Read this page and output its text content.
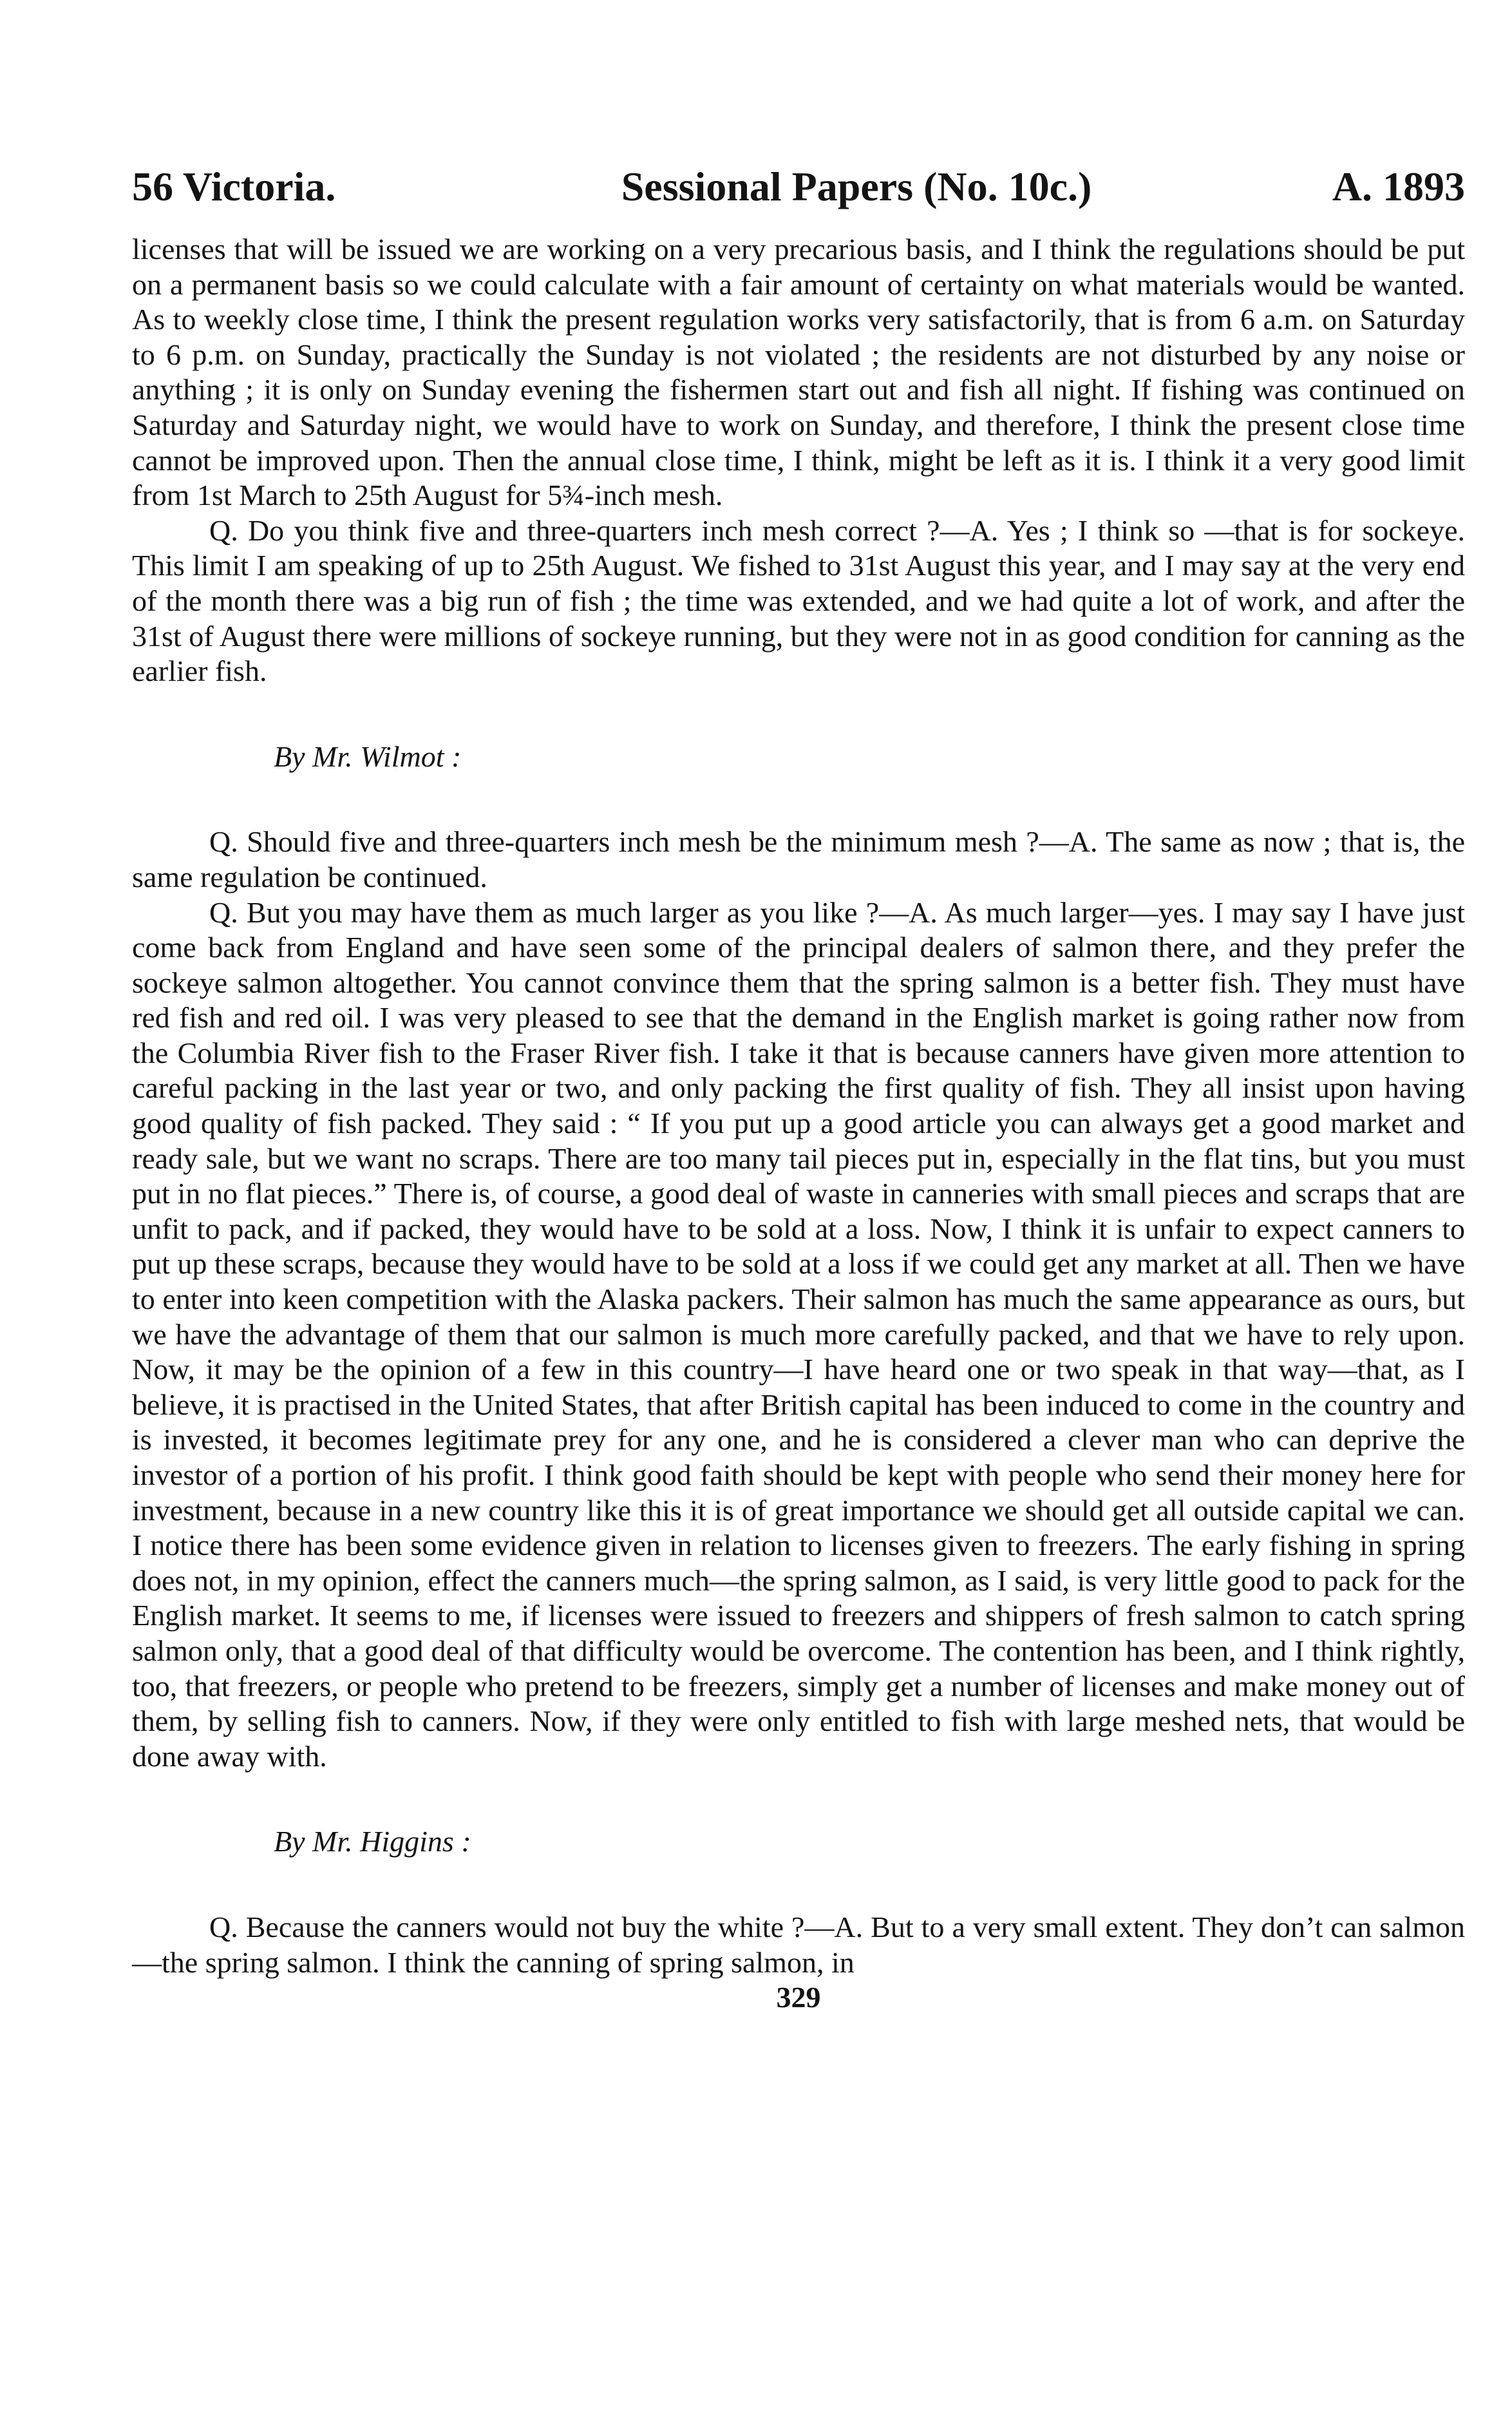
56 Victoria.	Sessional Papers (No. 10c.)	A. 1893

licenses that will be issued we are working on a very precarious basis, and I think the regulations should be put on a permanent basis so we could calculate with a fair amount of certainty on what materials would be wanted. As to weekly close time, I think the present regulation works very satisfactorily, that is from 6 a.m. on Saturday to 6 p.m. on Sunday, practically the Sunday is not violated ; the residents are not disturbed by any noise or anything ; it is only on Sunday evening the fishermen start out and fish all night. If fishing was continued on Saturday and Saturday night, we would have to work on Sunday, and therefore, I think the present close time cannot be improved upon. Then the annual close time, I think, might be left as it is. I think it a very good limit from 1st March to 25th August for 5¾-inch mesh.

Q. Do you think five and three-quarters inch mesh correct ?—A. Yes ; I think so —that is for sockeye. This limit I am speaking of up to 25th August. We fished to 31st August this year, and I may say at the very end of the month there was a big run of fish ; the time was extended, and we had quite a lot of work, and after the 31st of August there were millions of sockeye running, but they were not in as good condition for canning as the earlier fish.

By Mr. Wilmot :

Q. Should five and three-quarters inch mesh be the minimum mesh ?—A. The same as now ; that is, the same regulation be continued.

Q. But you may have them as much larger as you like ?—A. As much larger—yes. I may say I have just come back from England and have seen some of the principal dealers of salmon there, and they prefer the sockeye salmon altogether. You cannot convince them that the spring salmon is a better fish. They must have red fish and red oil. I was very pleased to see that the demand in the English market is going rather now from the Columbia River fish to the Fraser River fish. I take it that is because canners have given more attention to careful packing in the last year or two, and only packing the first quality of fish. They all insist upon having good quality of fish packed. They said : “ If you put up a good article you can always get a good market and ready sale, but we want no scraps. There are too many tail pieces put in, especially in the flat tins, but you must put in no flat pieces.” There is, of course, a good deal of waste in canneries with small pieces and scraps that are unfit to pack, and if packed, they would have to be sold at a loss. Now, I think it is unfair to expect canners to put up these scraps, because they would have to be sold at a loss if we could get any market at all. Then we have to enter into keen competition with the Alaska packers. Their salmon has much the same appearance as ours, but we have the advantage of them that our salmon is much more carefully packed, and that we have to rely upon. Now, it may be the opinion of a few in this country—I have heard one or two speak in that way—that, as I believe, it is practised in the United States, that after British capital has been induced to come in the country and is invested, it becomes legitimate prey for any one, and he is considered a clever man who can deprive the investor of a portion of his profit. I think good faith should be kept with people who send their money here for investment, because in a new country like this it is of great importance we should get all outside capital we can. I notice there has been some evidence given in relation to licenses given to freezers. The early fishing in spring does not, in my opinion, effect the canners much—the spring salmon, as I said, is very little good to pack for the English market. It seems to me, if licenses were issued to freezers and shippers of fresh salmon to catch spring salmon only, that a good deal of that difficulty would be overcome. The contention has been, and I think rightly, too, that freezers, or people who pretend to be freezers, simply get a number of licenses and make money out of them, by selling fish to canners. Now, if they were only entitled to fish with large meshed nets, that would be done away with.

By Mr. Higgins :

Q. Because the canners would not buy the white ?—A. But to a very small extent. They don’t can salmon—the spring salmon. I think the canning of spring salmon, in

329
